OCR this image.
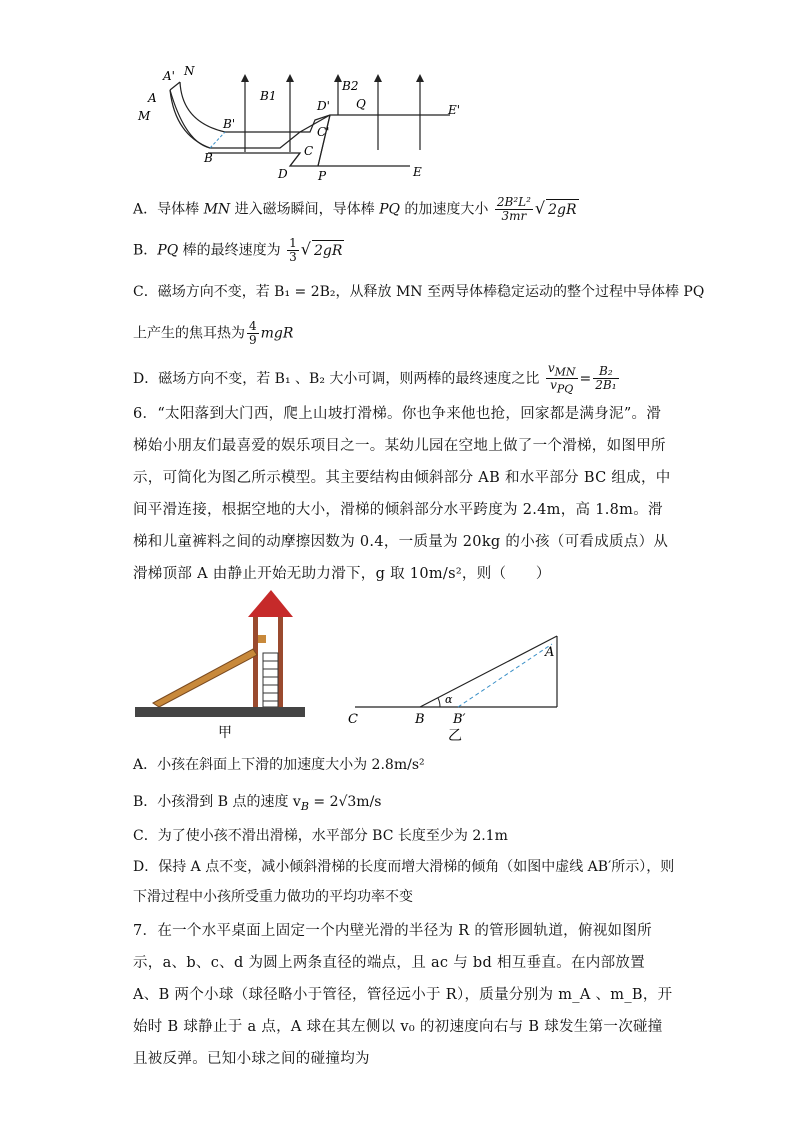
A' N
A
M
B'
B
B1
B2
D' Q
C'
C
D	P
E'
E
A．导体棒 MN 进入磁场瞬间，导体棒 PQ 的加速度大小 $\frac{\text{2B²L²}}{3mr}$ √ 2gR
B．PQ 棒的最终速度为 $\frac{1}{3}$ √ 2gR
C．磁场方向不变，若 B₁ = 2B₂，从释放 MN 至两导体棒稳定运动的整个过程中导体棒 PQ
上产生的焦耳热为 $\frac{4}{9}$ mgR
D．磁场方向不变，若 B₁ 、B₂ 大小可调，则两棒的最终速度之比 $\frac{v_{MN}}{v_{PQ}} = \frac{\text{B₂}}{\text{2B₁}}$
6．“太阳落到大门西，爬上山坡打滑梯。你也争来他也抢，回家都是满身泥”。滑梯始小朋友们最喜爱的娱乐项目之一。某幼儿园在空地上做了一个滑梯，如图甲所示，可简化为图乙所示模型。其主要结构由倾斜部分 AB 和水平部分 BC 组成，中间平滑连接，根据空地的大小，滑梯的倾斜部分水平跨度为 2.4m，高 1.8m。滑梯和儿童裤料之间的动摩擦因数为 0.4，一质量为 20kg 的小孩（可看成质点）从滑梯顶部 A 由静止开始无助力滑下，g 取 10m/s²，则（　　）
甲
A
α
C	B B′
乙
A．小孩在斜面上下滑的加速度大小为 2.8m/s²
B．小孩滑到 B 点的速度 $v_B = 2√3m/s$
C．为了使小孩不滑出滑梯，水平部分 BC 长度至少为 2.1m
D．保持 A 点不变，减小倾斜滑梯的长度而增大滑梯的倾角（如图中虚线 AB′所示），则
下滑过程中小孩所受重力做功的平均功率不变
7．在一个水平桌面上固定一个内壁光滑的半径为 R 的管形圆轨道，俯视如图所示，a、b、c、d 为圆上两条直径的端点，且 ac 与 bd 相互垂直。在内部放置 A、B 两个小球（球径略小于管径，管径远小于 R），质量分别为 m_A 、m_B，开始时 B 球静止于 a 点，A 球在其左侧以 v₀ 的初速度向右与 B 球发生第一次碰撞且被反弹。已知小球之间的碰撞均为
